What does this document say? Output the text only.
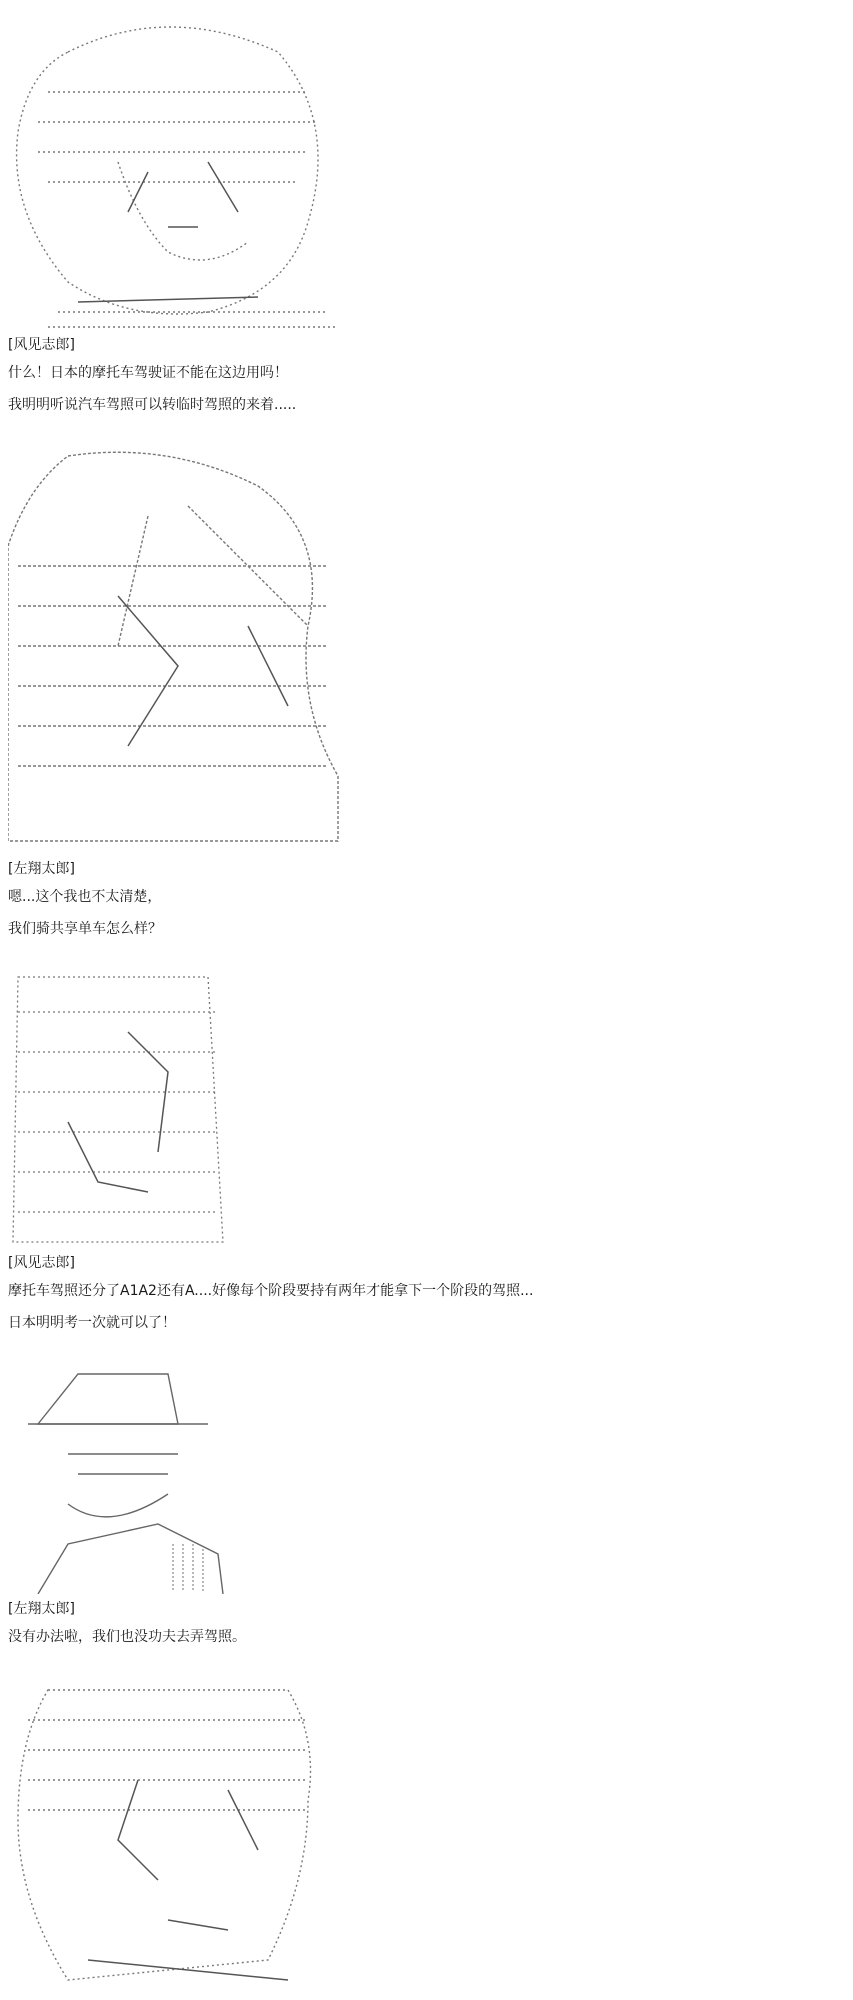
[风见志郎]
什么！日本的摩托车驾驶证不能在这边用吗！
我明明听说汽车驾照可以转临时驾照的来着.....
[左翔太郎]
嗯...这个我也不太清楚，
我们骑共享单车怎么样？
[风见志郎]
摩托车驾照还分了A1A2还有A....好像每个阶段要持有两年才能拿下一个阶段的驾照...
日本明明考一次就可以了！
[左翔太郎]
没有办法啦，我们也没功夫去弄驾照。
